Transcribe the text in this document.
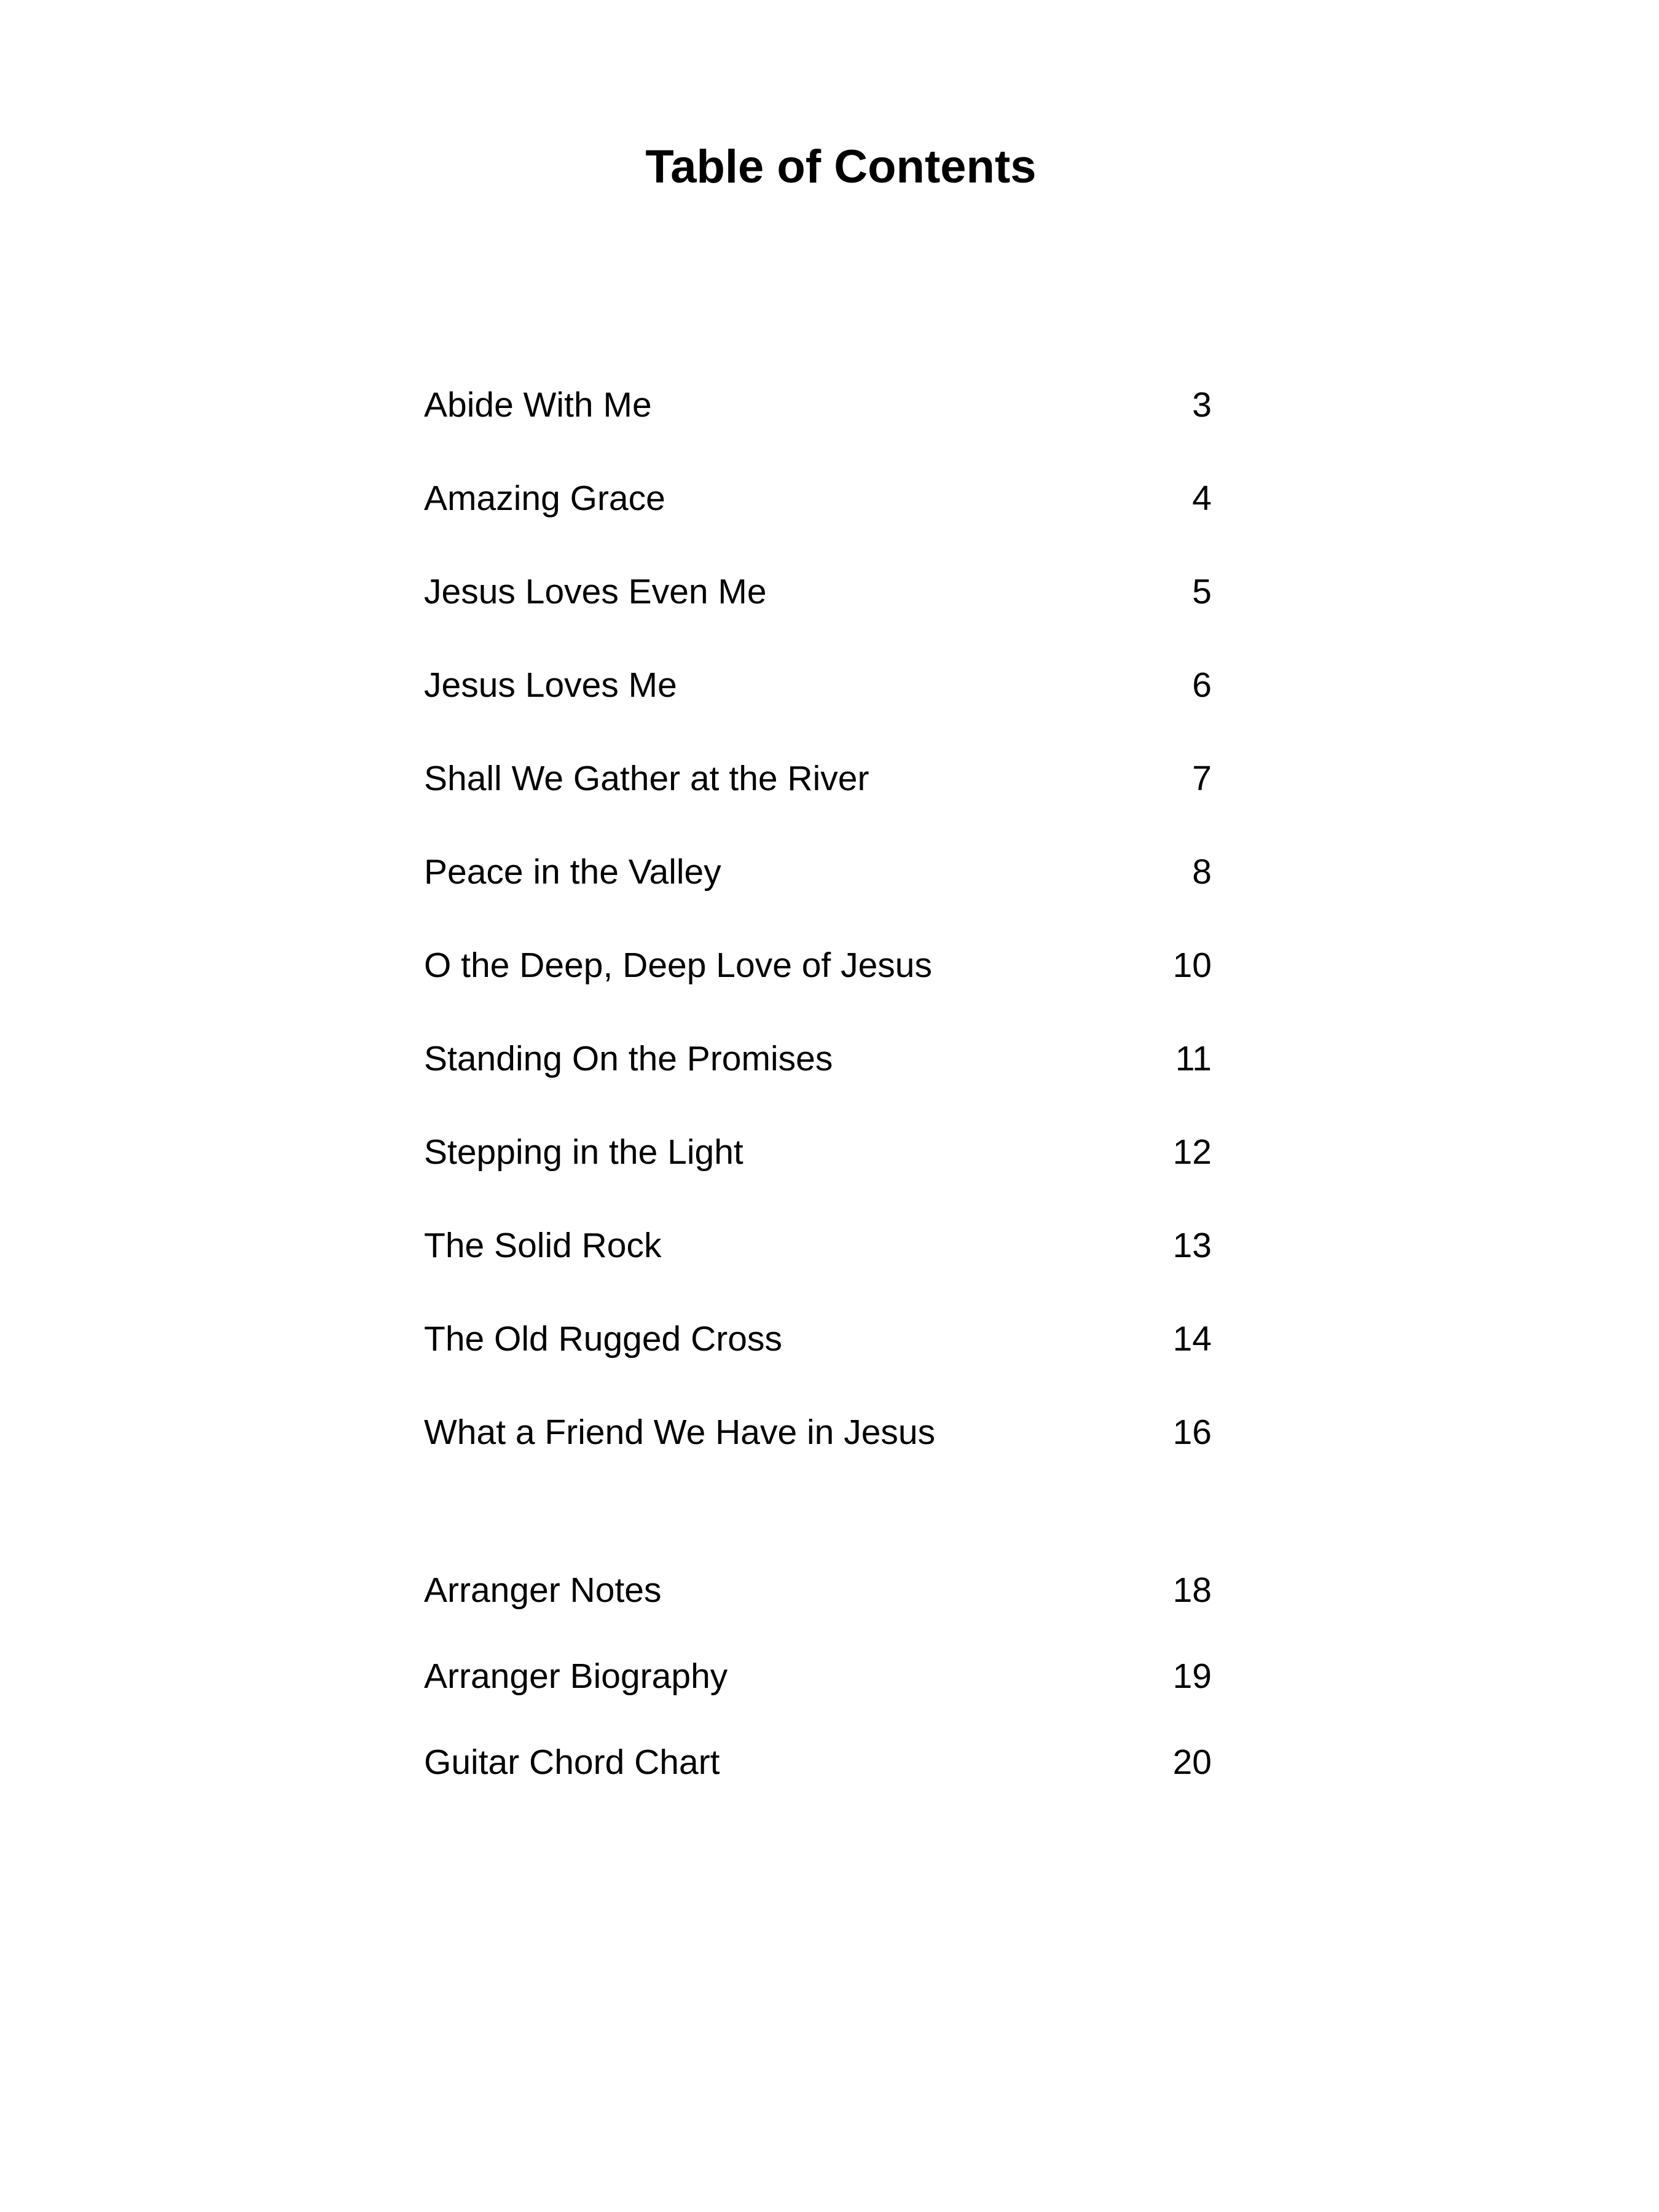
Table of Contents
Abide With Me	3
Amazing Grace	4
Jesus Loves Even Me	5
Jesus Loves Me	6
Shall We Gather at the River	7
Peace in the Valley	8
O the Deep, Deep Love of Jesus	10
Standing On the Promises	11
Stepping in the Light	12
The Solid Rock	13
The Old Rugged Cross	14
What a Friend We Have in Jesus	16
Arranger Notes	18
Arranger Biography	19
Guitar Chord Chart	20
